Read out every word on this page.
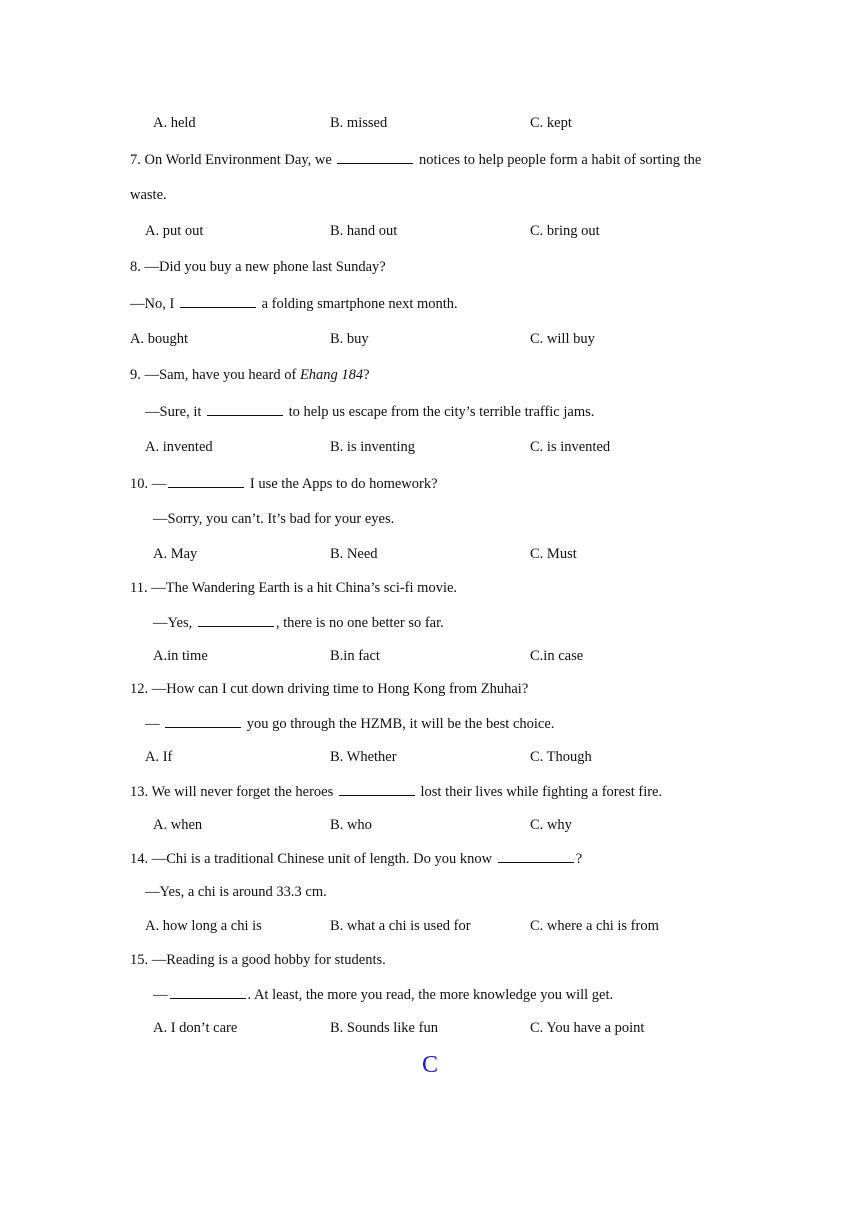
A. held	B. missed	C. kept
7. On World Environment Day, we	notices to help people form a habit of sorting the
waste.
A. put out	B. hand out	C. bring out
8. —Did you buy a new phone last Sunday?
—No, I	a folding smartphone next month.
A. bought	B. buy	C. will buy
9. —Sam, have you heard of Ehang 184?
—Sure, it	to help us escape from the city’s terrible traffic jams.
A. invented	B. is inventing	C. is invented
10. —	I use the Apps to do homework?
—Sorry, you can’t. It’s bad for your eyes.
A. May	B. Need	C. Must
11. —The Wandering Earth is a hit China’s sci-fi movie.
—Yes,	, there is no one better so far.
A.in time	B.in fact	C.in case
12. —How can I cut down driving time to Hong Kong from Zhuhai?
—	you go through the HZMB, it will be the best choice.
A. If	B. Whether	C. Though
13. We will never forget the heroes	lost their lives while fighting a forest fire.
A. when	B. who	C. why
14. —Chi is a traditional Chinese unit of length. Do you know	?
—Yes, a chi is around 33.3 cm.
A. how long a chi is	B. what a chi is used for	C. where a chi is from
15. —Reading is a good hobby for students.
—	. At least, the more you read, the more knowledge you will get.
A. I don’t care	B. Sounds like fun	C. You have a point
C
